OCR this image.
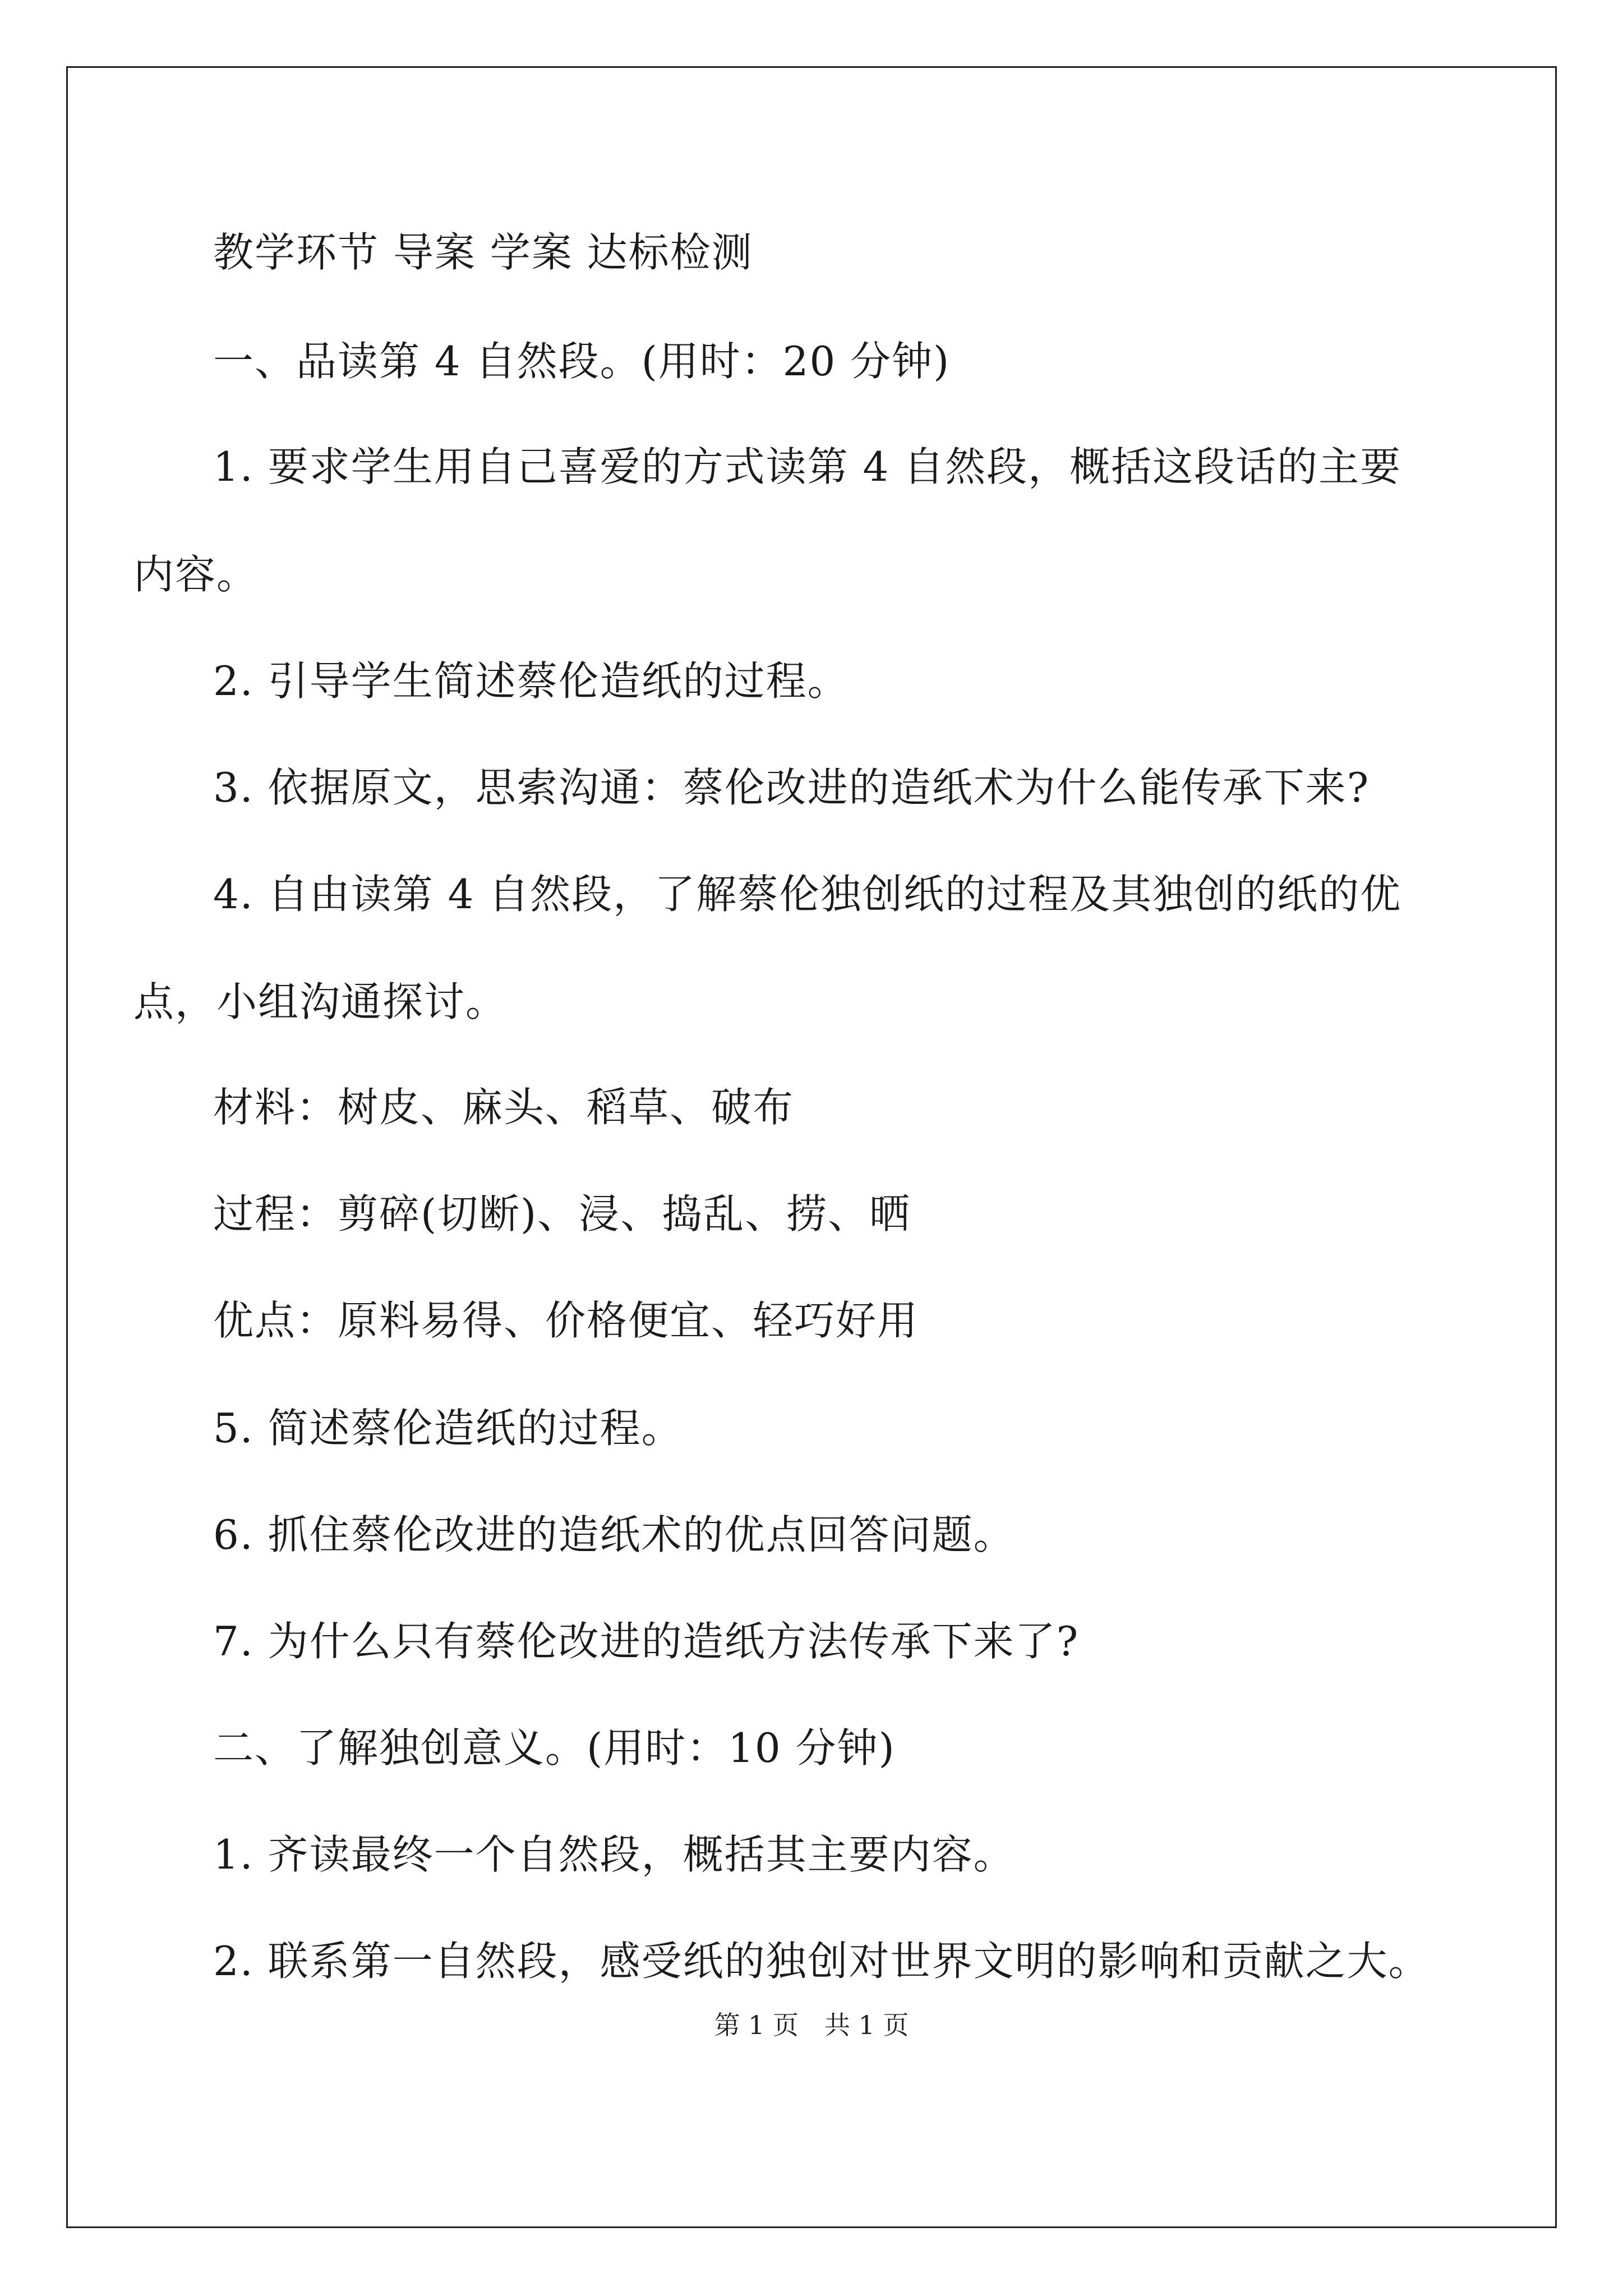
教学环节 导案 学案 达标检测
一、品读第 4 自然段。(用时：20 分钟)
1. 要求学生用自己喜爱的方式读第 4 自然段，概括这段话的主要
内容。
2. 引导学生简述蔡伦造纸的过程。
3. 依据原文，思索沟通：蔡伦改进的造纸术为什么能传承下来?
4. 自由读第 4 自然段，了解蔡伦独创纸的过程及其独创的纸的优
点，小组沟通探讨。
材料：树皮、麻头、稻草、破布
过程：剪碎(切断)、浸、捣乱、捞、晒
优点：原料易得、价格便宜、轻巧好用
5. 简述蔡伦造纸的过程。
6. 抓住蔡伦改进的造纸术的优点回答问题。
7. 为什么只有蔡伦改进的造纸方法传承下来了?
二、了解独创意义。(用时：10 分钟)
1. 齐读最终一个自然段，概括其主要内容。
2. 联系第一自然段，感受纸的独创对世界文明的影响和贡献之大。
第 1 页　共 1 页
